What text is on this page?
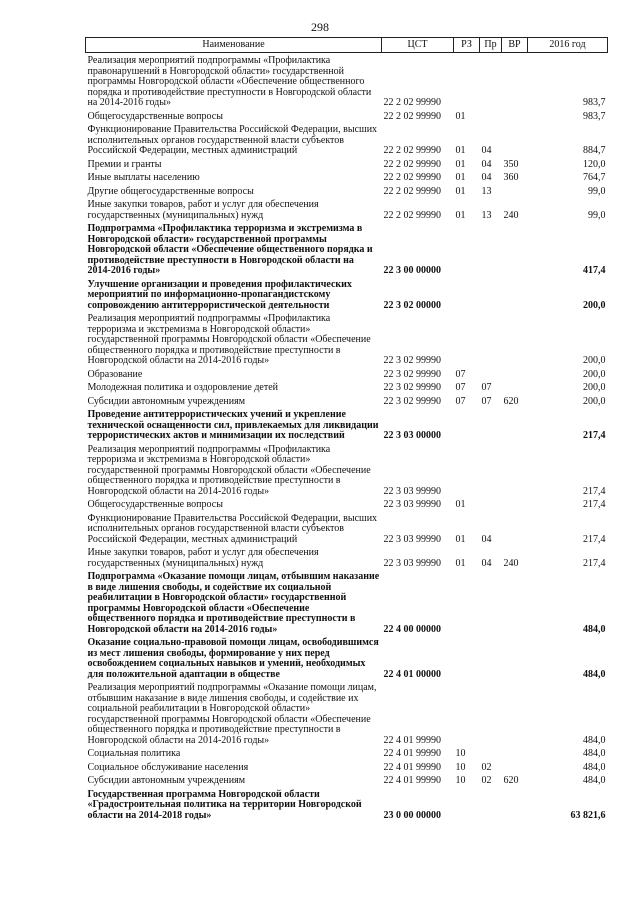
298
Наименование	ЦСТ	РЗ	Пр	ВР	2016 год
Реализация мероприятий подпрограммы «Профилактика правонарушений в Новгородской области» государственной программы Новгородской области «Обеспечение общественного порядка и противодействие преступности в Новгородской области на 2014-2016 годы»	22 2 02 99990				983,7
Общегосударственные вопросы	22 2 02 99990	01			983,7
Функционирование Правительства Российской Федерации, высших исполнительных органов государственной власти субъектов Российской Федерации, местных администраций	22 2 02 99990	01	04		884,7
Премии и гранты	22 2 02 99990	01	04	350	120,0
Иные выплаты населению	22 2 02 99990	01	04	360	764,7
Другие общегосударственные вопросы	22 2 02 99990	01	13		99,0
Иные закупки товаров, работ и услуг для обеспечения государственных (муниципальных) нужд	22 2 02 99990	01	13	240	99,0
Подпрограмма «Профилактика терроризма и экстремизма в Новгородской области» государственной программы Новгородской области «Обеспечение общественного порядка и противодействие преступности в Новгородской области на 2014-2016 годы»	22 3 00 00000				417,4
Улучшение организации и проведения профилактических мероприятий по информационно-пропагандистскому сопровождению антитеррористической деятельности	22 3 02 00000				200,0
Реализация мероприятий подпрограммы «Профилактика терроризма и экстремизма в Новгородской области» государственной программы Новгородской области «Обеспечение общественного порядка и противодействие преступности в Новгородской области на 2014-2016 годы»	22 3 02 99990				200,0
Образование	22 3 02 99990	07			200,0
Молодежная политика и оздоровление детей	22 3 02 99990	07	07		200,0
Субсидии автономным учреждениям	22 3 02 99990	07	07	620	200,0
Проведение антитеррористических учений и укрепление технической оснащенности сил, привлекаемых для ликвидации террористических актов и минимизации их последствий	22 3 03 00000				217,4
Реализация мероприятий подпрограммы «Профилактика терроризма и экстремизма в Новгородской области» государственной программы Новгородской области «Обеспечение общественного порядка и противодействие преступности в Новгородской области на 2014-2016 годы»	22 3 03 99990				217,4
Общегосударственные вопросы	22 3 03 99990	01			217,4
Функционирование Правительства Российской Федерации, высших исполнительных органов государственной власти субъектов Российской Федерации, местных администраций	22 3 03 99990	01	04		217,4
Иные закупки товаров, работ и услуг для обеспечения государственных (муниципальных) нужд	22 3 03 99990	01	04	240	217,4
Подпрограмма «Оказание помощи лицам, отбывшим наказание в виде лишения свободы, и содействие их социальной реабилитации в Новгородской области» государственной программы Новгородской области «Обеспечение общественного порядка и противодействие преступности в Новгородской области на 2014-2016 годы»	22 4 00 00000				484,0
Оказание социально-правовой помощи лицам, освободившимся из мест лишения свободы, формирование у них перед освобождением социальных навыков и умений, необходимых для положительной адаптации в обществе	22 4 01 00000				484,0
Реализация мероприятий подпрограммы «Оказание помощи лицам, отбывшим наказание в виде лишения свободы, и содействие их социальной реабилитации в Новгородской области» государственной программы Новгородской области «Обеспечение общественного порядка и противодействие преступности в Новгородской области на 2014-2016 годы»	22 4 01 99990				484,0
Социальная политика	22 4 01 99990	10			484,0
Социальное обслуживание населения	22 4 01 99990	10	02		484,0
Субсидии автономным учреждениям	22 4 01 99990	10	02	620	484,0
Государственная программа Новгородской области «Градостроительная политика на территории Новгородской области на 2014-2018 годы»	23 0 00 00000				63 821,6
